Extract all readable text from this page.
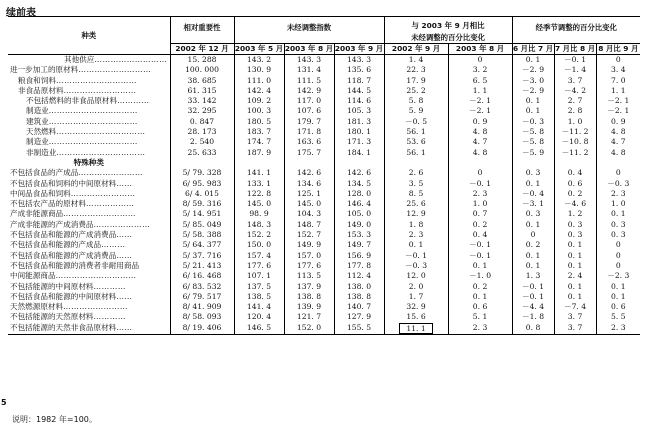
续前表
种类	相对重要性	未经调整指数			与 2003 年 9 月相比		经季节调整的百分比变化		
					未经调整的百分比变化				
	2002 年 12 月	2003 年 5 月	2003 年 8 月	2003 年 9 月	2002 年 9 月	2003 年 8 月	6 月比 7 月	7 月比 8 月	8 月比 9 月
其他供应………………………	15. 288	143. 2	143. 3	143. 3	1. 4	0	0. 1	－0. 1	0
进一步加工的原材料………………………	100. 000	130. 9	131. 4	135. 6	22. 3	3. 2	－2. 9	－1. 4	3. 4
粮食和饲料…………………………	38. 685	111. 0	111. 5	118. 7	17. 9	6. 5	－3. 0	3. 7	7. 0
非食品原材料………………………	61. 315	142. 4	142. 9	144. 5	25. 2	1. 1	－2. 9	－4. 2	1. 1
不包括燃料的非食品原材料…………	33. 142	109. 2	117. 0	114. 6	5. 8	－2. 1	0. 1	2. 7	－2. 1
制造业……………………………	32. 295	100. 3	107. 6	105. 3	5. 9	－2. 1	0. 1	2. 8	－2. 1
建筑业……………………………	0. 847	180. 5	179. 7	181. 3	－0. 5	0. 9	－0. 3	1. 0	0. 9
天然燃料……………………………	28. 173	183. 7	171. 8	180. 1	56. 1	4. 8	－5. 8	－11. 2	4. 8
制造业……………………………	2. 540	174. 7	163. 6	171. 3	53. 6	4. 7	－5. 8	－10. 8	4. 7
非制造业……………………………	25. 633	187. 9	175. 7	184. 1	56. 1	4. 8	－5. 9	－11. 2	4. 8
特殊种类									
不包括食品的产成品……………………	5/ 79. 328	141. 1	142. 6	142. 6	2. 6	0	0. 3	0. 4	0
不包括食品和饲料的中间原材料……	6/ 95. 983	133. 1	134. 6	134. 5	3. 5	－0. 1	0. 1	0. 6	－0. 3
中间品食品和饲料……………………	6/ 4. 015	122. 8	125. 1	128. 0	8. 5	2. 3	－0. 4	0. 2	2. 3
不包括农产品的原材料………………	8/ 59. 316	145. 0	145. 0	146. 4	25. 6	1. 0	－3. 1	－4. 6	1. 0
产成非能源商品………………………	5/ 14. 951	98. 9	104. 3	105. 0	12. 9	0. 7	0. 3	1. 2	0. 1
产成非能源的产成消费品…………………	5/ 85. 049	148. 3	148. 7	149. 0	1. 8	0. 2	0. 1	0. 3	0. 3
不包括食品和能源的产成消费品……	5/ 58. 388	152. 2	152. 7	153. 3	2. 3	0. 4	0	0. 3	0. 3
不包括食品和能源的产成品………	5/ 64. 377	150. 0	149. 9	149. 7	0. 1	－0. 1	0. 2	0. 1	0
不包括食品和能源的产成消费品……	5/ 37. 716	157. 4	157. 0	156. 9	－0. 1	－0. 1	0. 1	0. 1	0
不包括食品和能源的消费者非耐用商品	5/ 21. 413	177. 6	177. 6	177. 8	－0. 3	0. 1	0. 1	0. 1	0
中间能源商品…………………………	6/ 16. 468	107. 1	113. 5	112. 4	12. 0	－1. 0	1. 3	2. 4	－2. 3
不包括能源的中间原材料…………	6/ 83. 532	137. 5	137. 9	138. 0	2. 0	0. 2	－0. 1	0. 1	0. 1
不包括食品和能源的中间原材料……	6/ 79. 517	138. 5	138. 8	138. 8	1. 7	0. 1	－0. 1	0. 1	0. 1
天然燃源原材料……………………	8/ 41. 909	141. 4	139. 9	140. 7	32. 9	0. 6	－4. 4	－7. 4	0. 6
不包括能源的天然原材料…………	8/ 58. 093	120. 4	121. 7	127. 9	15. 6	5. 1	－1. 8	3. 7	5. 5
不包括能源的天然非食品原材料……	8/ 19. 406	146. 5	152. 0	155. 5	11. 1	2. 3	0. 8	3. 7	2. 3
5
说明：1982 年=100。
